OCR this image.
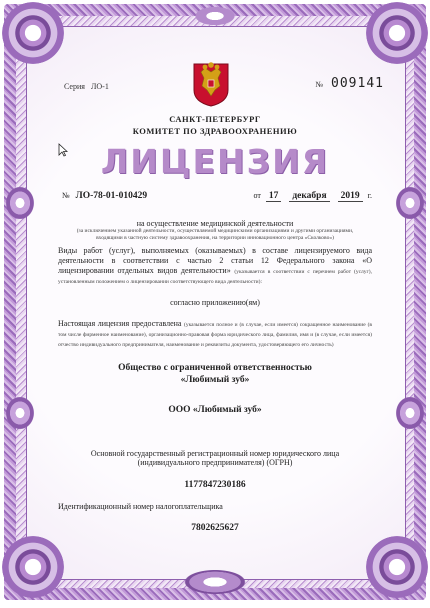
Серия ЛО-1	№ 009141
САНКТ-ПЕТЕРБУРГ
КОМИТЕТ ПО ЗДРАВООХРАНЕНИЮ
ЛИЦЕНЗИЯ
№ ЛО-78-01-010429	от 17 декабря 2019 г.
на осуществление медицинской деятельности
(за исключением указанной деятельности, осуществляемой медицинскими организациями и другими организациями, входящими в частную систему здравоохранения, на территории инновационного центра «Сколково»)
Виды работ (услуг), выполняемых (оказываемых) в составе лицензируемого вида деятельности в соответствии с частью 2 статьи 12 Федерального закона «О лицензировании отдельных видов деятельности» (указывается в соответствии с перечнем работ (услуг), установленным положением о лицензировании соответствующего вида деятельности):
согласно приложению(ям)
Настоящая лицензия предоставлена (указывается полное и (в случае, если имеется) сокращенное наименование (в том числе фирменное наименование), организационно-правовая форма юридического лица, фамилия, имя и (в случае, если имеется) отчество индивидуального предпринимателя, наименование и реквизиты документа, удостоверяющего его личность)
Общество с ограниченной ответственностью
«Любимый зуб»
ООО «Любимый зуб»
Основной государственный регистрационный номер юридического лица
(индивидуального предпринимателя) (ОГРН)
1177847230186
Идентификационный номер налогоплательщика
7802625627
